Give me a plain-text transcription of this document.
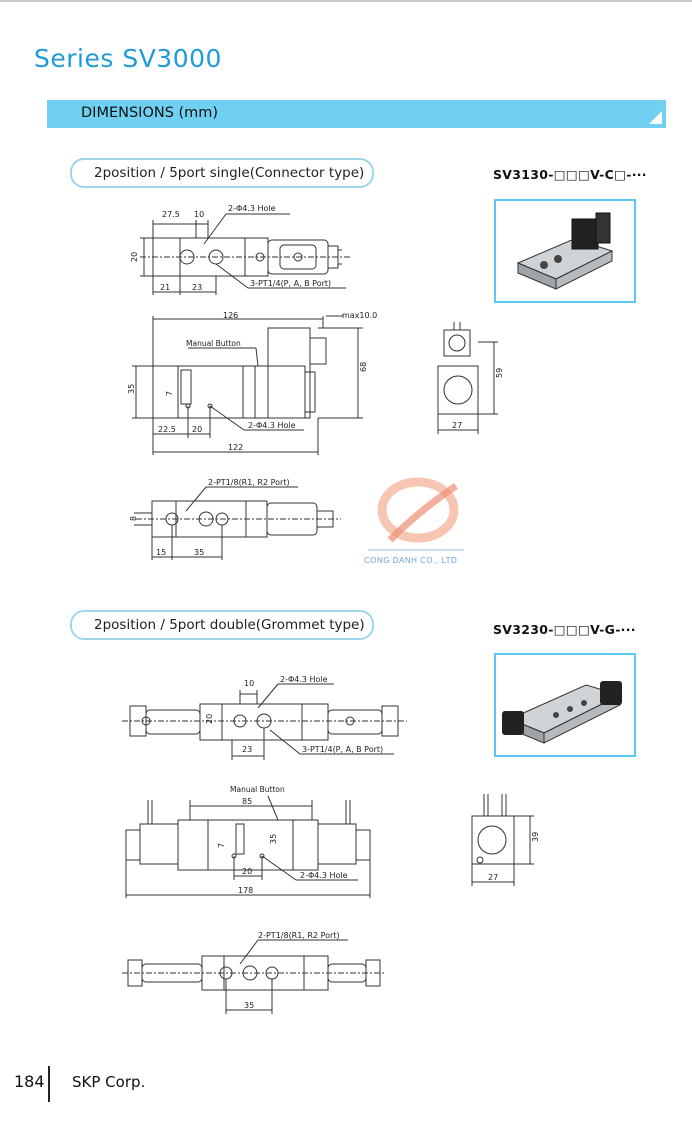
Series SV3000
DIMENSIONS (mm)
2position / 5port single(Connector type)	SV3130-□□□V-C□-···
27.5 10
2-Φ4.3 Hole
20
21	23	3-PT1/4(P, A, B Port)
126	max10.0
Manual Button
68
35	7
22.5 20	2-Φ4.3 Hole
122
59
27
2-PT1/8(R1, R2 Port)
8
15	35
CONG DANH CO., LTD
2position / 5port double(Grommet type)	SV3230-□□□V-G-···
10	2-Φ4.3 Hole
20
23	3-PT1/4(P, A, B Port)
Manual Button
85
35
7
20	2-Φ4.3 Hole
178
39
27
2-PT1/8(R1, R2 Port)
35
184 SKP Corp.
